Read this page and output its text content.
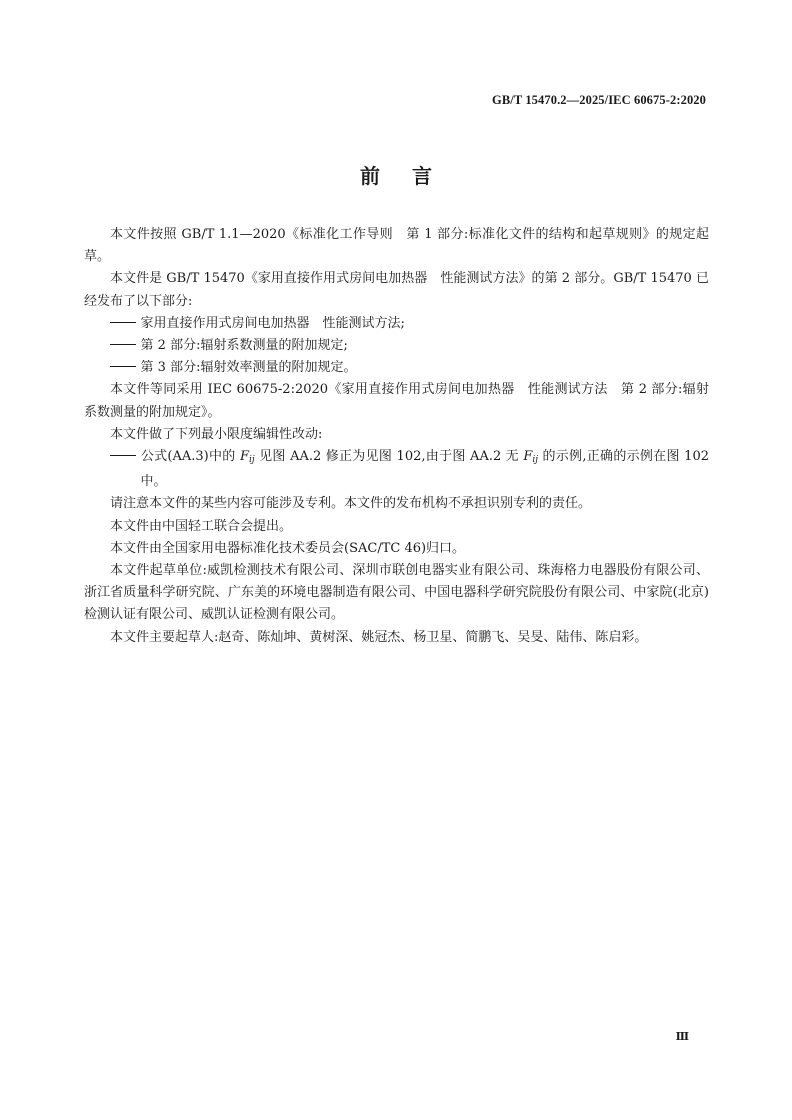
GB/T 15470.2—2025/IEC 60675-2:2020
前言

本文件按照 GB/T 1.1—2020《标准化工作导则　第 1 部分:标准化文件的结构和起草规则》的规定起草。

本文件是 GB/T 15470《家用直接作用式房间电加热器　性能测试方法》的第 2 部分。GB/T 15470 已经发布了以下部分:

家用直接作用式房间电加热器　性能测试方法;

第 2 部分:辐射系数测量的附加规定;

第 3 部分:辐射效率测量的附加规定。

本文件等同采用 IEC 60675-2:2020《家用直接作用式房间电加热器　性能测试方法　第 2 部分:辐射系数测量的附加规定》。

本文件做了下列最小限度编辑性改动:

公式(AA.3)中的 $F_{ij}$ 见图 AA.2 修正为见图 102,由于图 AA.2 无 $F_{ij}$ 的示例,正确的示例在图 102中。

请注意本文件的某些内容可能涉及专利。本文件的发布机构不承担识别专利的责任。

本文件由中国轻工联合会提出。

本文件由全国家用电器标准化技术委员会(SAC/TC 46)归口。

本文件起草单位:威凯检测技术有限公司、深圳市联创电器实业有限公司、珠海格力电器股份有限公司、浙江省质量科学研究院、广东美的环境电器制造有限公司、中国电器科学研究院股份有限公司、中家院(北京)检测认证有限公司、威凯认证检测有限公司。

本文件主要起草人:赵奇、陈灿坤、黄树深、姚冠杰、杨卫星、简鹏飞、吴旻、陆伟、陈启彩。

Ⅲ
